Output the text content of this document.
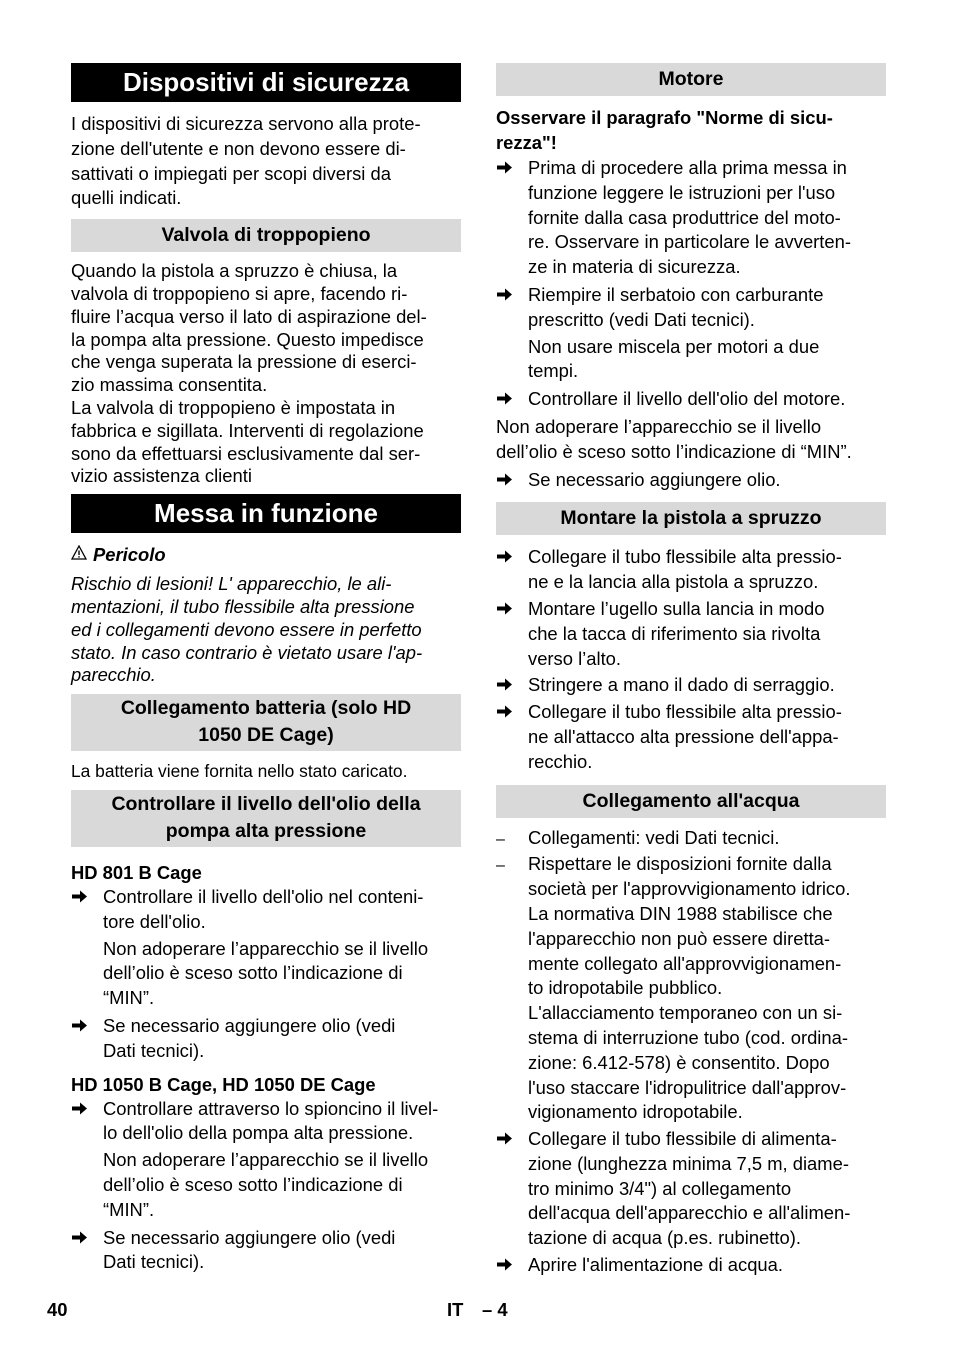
Dispositivi di sicurezza
I dispositivi di sicurezza servono alla prote-
zione dell'utente e non devono essere di-
sattivati o impiegati per scopi diversi da
quelli indicati.
Valvola di troppopieno
Quando la pistola a spruzzo è chiusa, la
valvola di troppopieno si apre, facendo ri-
fluire l’acqua verso il lato di aspirazione del-
la pompa alta pressione. Questo impedisce
che venga superata la pressione di eserci-
zio massima consentita.
La valvola di troppopieno è impostata in
fabbrica e sigillata. Interventi di regolazione
sono da effettuarsi esclusivamente dal ser-
vizio assistenza clienti
Messa in funzione
Pericolo
Rischio di lesioni! L' apparecchio, le ali-
mentazioni, il tubo flessibile alta pressione
ed i collegamenti devono essere in perfetto
stato. In caso contrario è vietato usare l'ap-
parecchio.
Collegamento batteria (solo HD
1050 DE Cage)
La batteria viene fornita nello stato caricato.
Controllare il livello dell'olio della
pompa alta pressione
HD 801 B Cage
Controllare il livello dell'olio nel conteni-
tore dell'olio.
Non adoperare l’apparecchio se il livello
dell’olio è sceso sotto l’indicazione di
“MIN”.
Se necessario aggiungere olio (vedi
Dati tecnici).
HD 1050 B Cage, HD 1050 DE Cage
Controllare attraverso lo spioncino il livel-
lo dell'olio della pompa alta pressione.
Non adoperare l’apparecchio se il livello
dell’olio è sceso sotto l’indicazione di
“MIN”.
Se necessario aggiungere olio (vedi
Dati tecnici).
Motore
Osservare il paragrafo "Norme di sicu-
rezza"!
Prima di procedere alla prima messa in
funzione leggere le istruzioni per l'uso
fornite dalla casa produttrice del moto-
re. Osservare in particolare le avverten-
ze in materia di sicurezza.
Riempire il serbatoio con carburante
prescritto (vedi Dati tecnici).
Non usare miscela per motori a due
tempi.
Controllare il livello dell'olio del motore.
Non adoperare l’apparecchio se il livello
dell’olio è sceso sotto l’indicazione di “MIN”.
Se necessario aggiungere olio.
Montare la pistola a spruzzo
Collegare il tubo flessibile alta pressio-
ne e la lancia alla pistola a spruzzo.
Montare l’ugello sulla lancia in modo
che la tacca di riferimento sia rivolta
verso l’alto.
Stringere a mano il dado di serraggio.
Collegare il tubo flessibile alta pressio-
ne all'attacco alta pressione dell'appa-
recchio.
Collegamento all'acqua
–	Collegamenti: vedi Dati tecnici.
–	Rispettare le disposizioni fornite dalla
società per l'approvvigionamento idrico.
La normativa DIN 1988 stabilisce che
l'apparecchio non può essere diretta-
mente collegato all'approvvigionamen-
to idropotabile pubblico.
L'allacciamento temporaneo con un si-
stema di interruzione tubo (cod. ordina-
zione: 6.412-578) è consentito. Dopo
l'uso staccare l'idropulitrice dall'approv-
vigionamento idropotabile.
Collegare il tubo flessibile di alimenta-
zione (lunghezza minima 7,5 m, diame-
tro minimo 3/4") al collegamento
dell'acqua dell'apparecchio e all'alimen-
tazione di acqua (p.es. rubinetto).
Aprire l'alimentazione di acqua.
40	IT – 4
